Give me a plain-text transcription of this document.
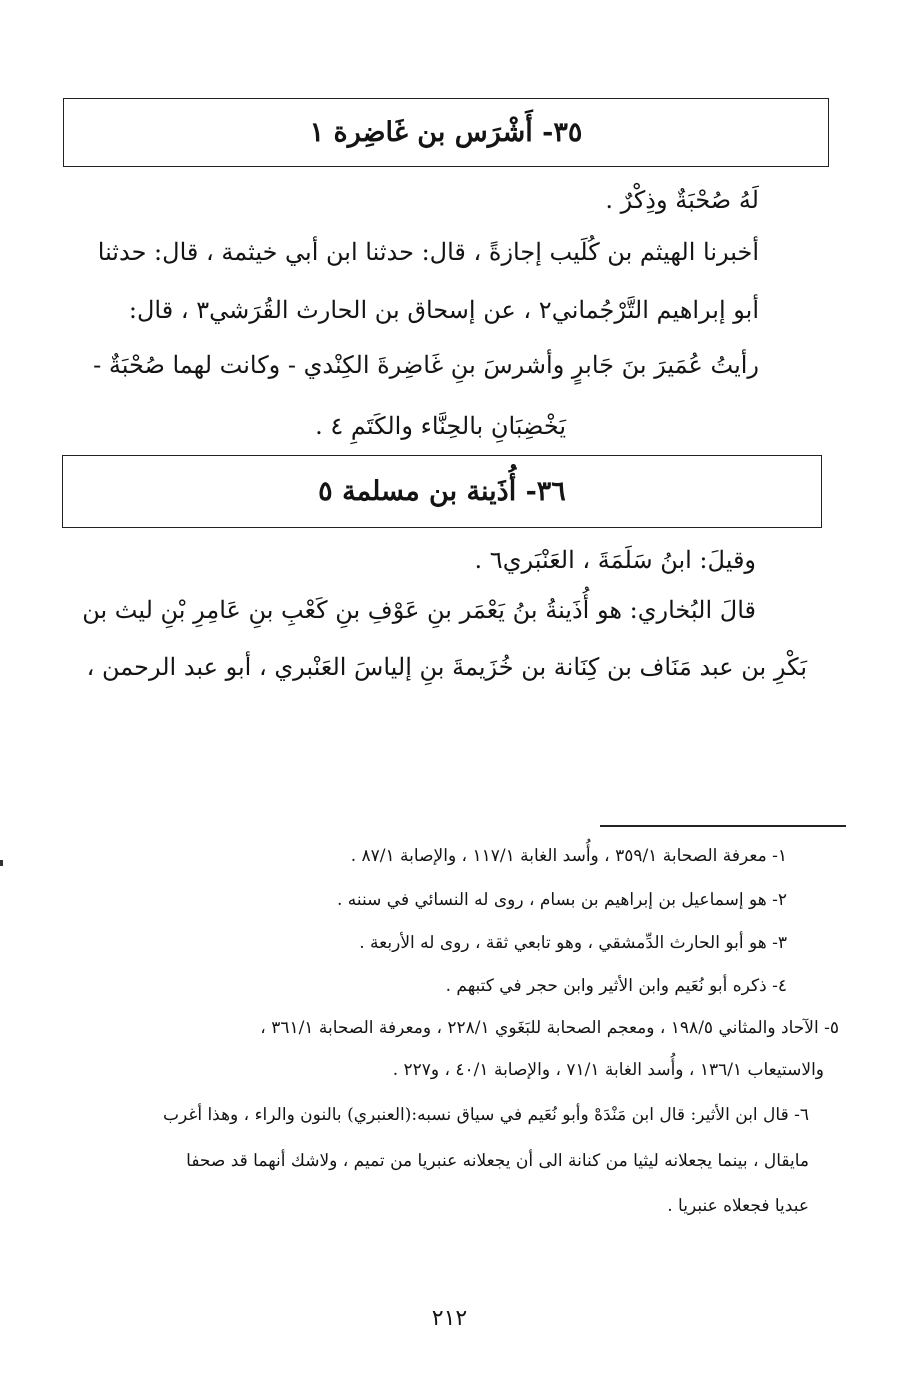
٣٥- أَشْرَس بن غَاضِرة ١
لَهُ صُحْبَةٌ وذِكْرٌ .
أخبرنا الهيثم بن كُلَيب إجازةً ، قال: حدثنا ابن أبي خيثمة ، قال: حدثنا
أبو إبراهيم التَّرْجُماني٢ ، عن إسحاق بن الحارث القُرَشي٣ ، قال:
رأيتُ عُمَيرَ بنَ جَابرٍ وأشرسَ بنِ غَاضِرةَ الكِنْدي - وكانت لهما صُحْبَةٌ -
يَخْضِبَانِ بالحِنَّاء والكَتَمِ ٤ .
٣٦- أُذَينة بن مسلمة ٥
وقيلَ: ابنُ سَلَمَةَ ، العَنْبَري٦ .
قالَ البُخاري: هو أُذَينةُ بنُ يَعْمَر بنِ عَوْفِ بنِ كَعْبِ بنِ عَامِرِ بْنِ ليث بن
بَكْرِ بن عبد مَنَاف بن كِنَانة بن خُزَيمةَ بنِ إلياسَ العَنْبري ، أبو عبد الرحمن ،
١- معرفة الصحابة ٣٥٩/١ ، وأُسد الغابة ١١٧/١ ، والإصابة ٨٧/١ .
٢- هو إسماعيل بن إبراهيم بن بسام ، روى له النسائي في سننه .
٣- هو أبو الحارث الدِّمشقي ، وهو تابعي ثقة ، روى له الأربعة .
٤- ذكره أبو نُعَيم وابن الأثير وابن حجر في كتبهم .
٥- الآحاد والمثاني ١٩٨/٥ ، ومعجم الصحابة للبَغَوي ٢٢٨/١ ، ومعرفة الصحابة ٣٦١/١ ،
والاستيعاب ١٣٦/١ ، وأُسد الغابة ٧١/١ ، والإصابة ٤٠/١ ، و٢٢٧ .
٦- قال ابن الأثير: قال ابن مَنْدَهْ وأبو نُعَيم في سياق نسبه:(العنبري) بالنون والراء ، وهذا أغرب
مايقال ، بينما يجعلانه ليثيا من كنانة الى أن يجعلانه عنبريا من تميم ، ولاشك أنهما قد صحفا
عبديا فجعلاه عنبريا .
٢١٢
